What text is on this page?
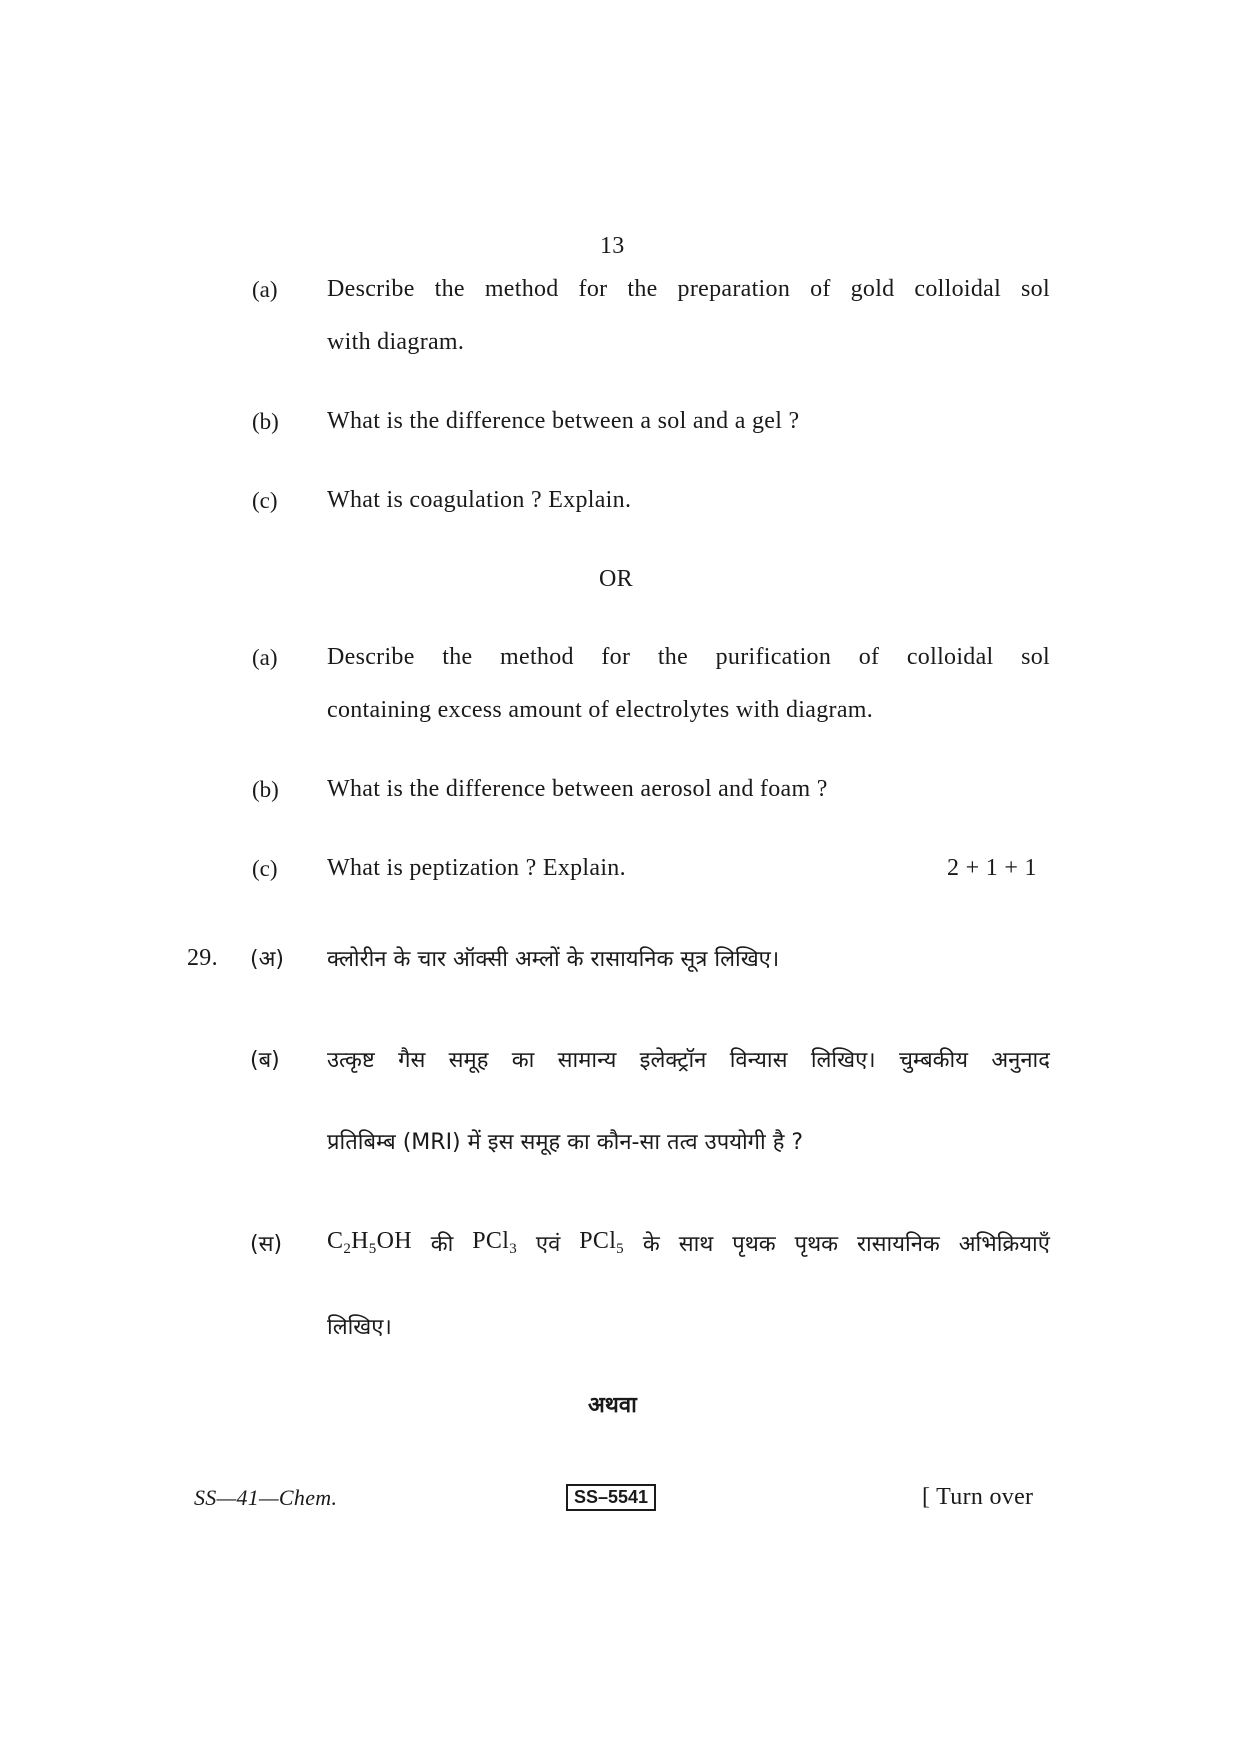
13
(a) Describe the method for the preparation of gold colloidal sol
with diagram.
(b) What is the difference between a sol and a gel ?
(c) What is coagulation ? Explain.
OR
(a) Describe the method for the purification of colloidal sol
containing excess amount of electrolytes with diagram.
(b) What is the difference between aerosol and foam ?
(c) What is peptization ? Explain.	2 + 1 + 1
29. (अ) क्लोरीन के चार ऑक्सी अम्लों के रासायनिक सूत्र लिखिए।
(ब) उत्कृष्ट गैस समूह का सामान्य इलेक्ट्रॉन विन्यास लिखिए। चुम्बकीय अनुनाद
प्रतिबिम्ब (MRI) में इस समूह का कौन-सा तत्व उपयोगी है ?
(स) $C_2H_5OH$ की PCl$_3$ एवं PCl$_5$ के साथ पृथक पृथक रासायनिक अभिक्रियाएँ
लिखिए।
अथवा
SS—41—Chem.	SS–5541	[ Turn over
